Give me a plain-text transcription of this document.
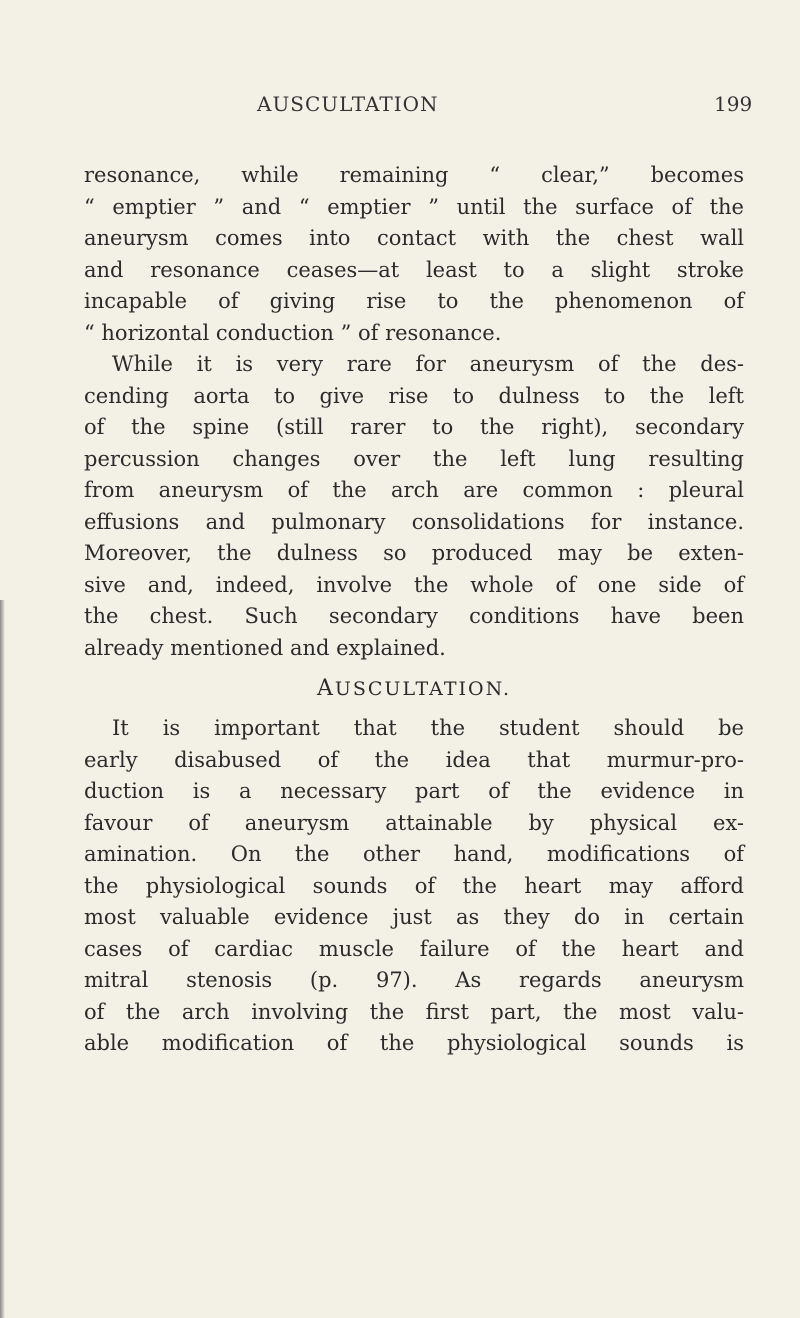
AUSCULTATION	199
resonance, while remaining “ clear,” becomes
“ emptier ” and “ emptier ” until the surface of the
aneurysm comes into contact with the chest wall
and resonance ceases—at least to a slight stroke
incapable of giving rise to the phenomenon of
“ horizontal conduction ” of resonance.
While it is very rare for aneurysm of the des-
cending aorta to give rise to dulness to the left
of the spine (still rarer to the right), secondary
percussion changes over the left lung resulting
from aneurysm of the arch are common : pleural
effusions and pulmonary consolidations for instance.
Moreover, the dulness so produced may be exten-
sive and, indeed, involve the whole of one side of
the chest. Such secondary conditions have been
already mentioned and explained.
AUSCULTATION.
It is important that the student should be
early disabused of the idea that murmur-pro-
duction is a necessary part of the evidence in
favour of aneurysm attainable by physical ex-
amination. On the other hand, modifications of
the physiological sounds of the heart may afford
most valuable evidence just as they do in certain
cases of cardiac muscle failure of the heart and
mitral stenosis (p. 97). As regards aneurysm
of the arch involving the first part, the most valu-
able modification of the physiological sounds is
